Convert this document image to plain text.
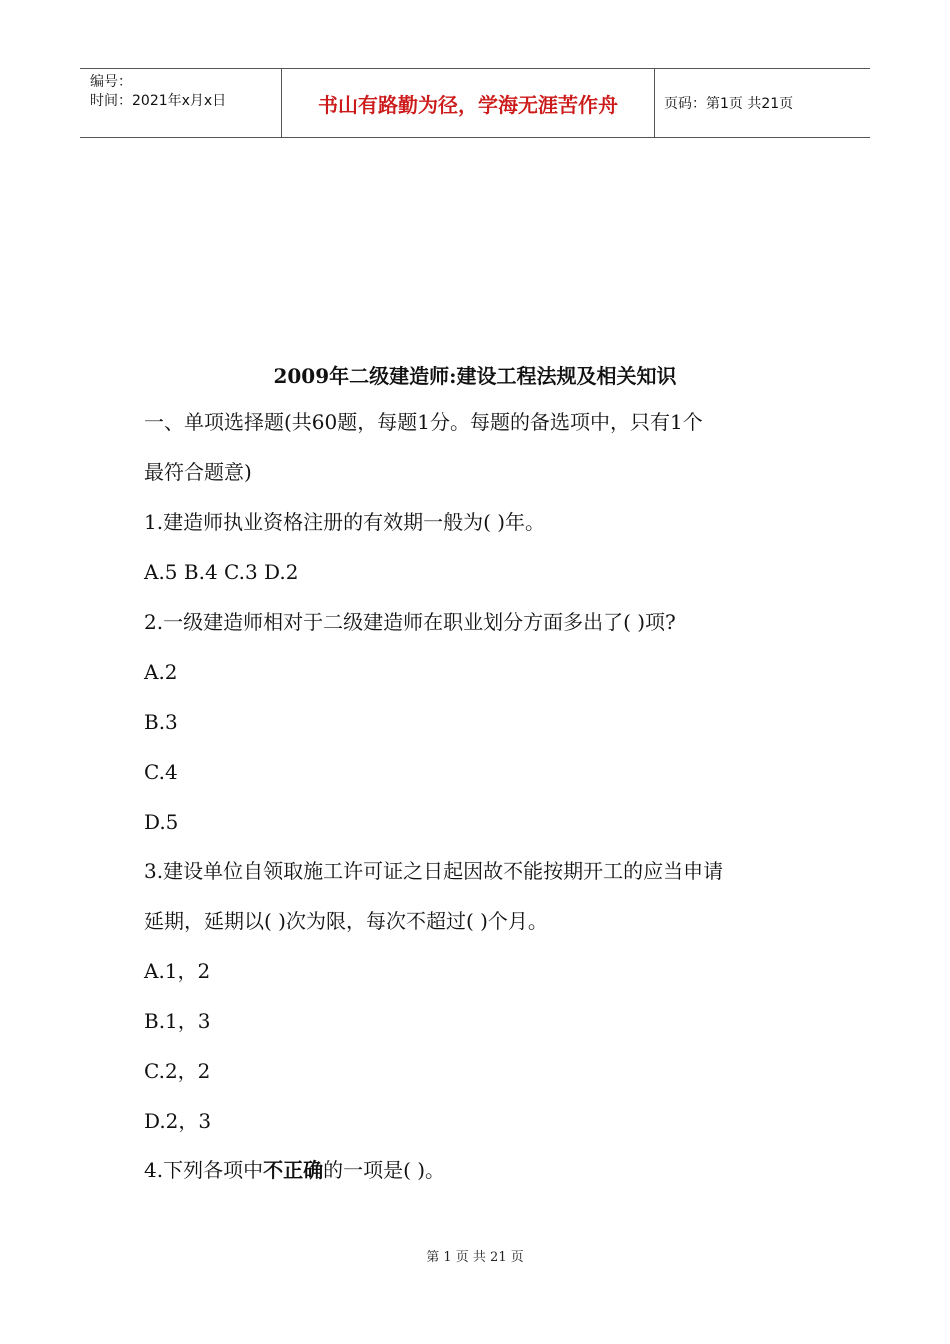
编号：
时间：2021年x月x日	书山有路勤为径，学海无涯苦作舟	页码：第1页 共21页
2009年二级建造师:建设工程法规及相关知识
一、单项选择题(共60题，每题1分。每题的备选项中，只有1个
最符合题意)
1.建造师执业资格注册的有效期一般为( )年。
A.5 B.4 C.3 D.2
2.一级建造师相对于二级建造师在职业划分方面多出了( )项?
A.2
B.3
C.4
D.5
3.建设单位自领取施工许可证之日起因故不能按期开工的应当申请
延期，延期以( )次为限，每次不超过( )个月。
A.1，2
B.1，3
C.2，2
D.2，3
4.下列各项中不正确的一项是( )。
第 1 页 共 21 页
